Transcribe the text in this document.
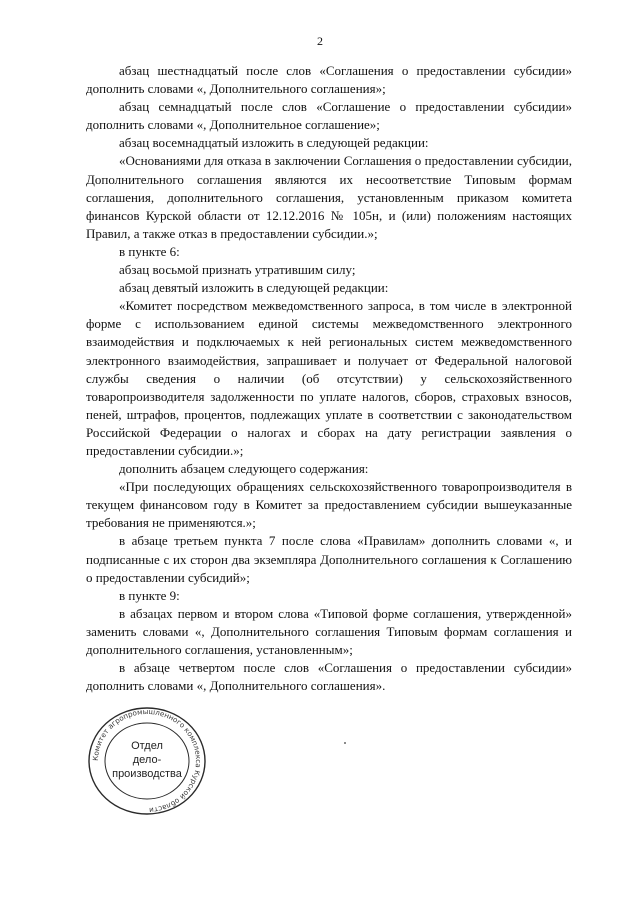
2

абзац шестнадцатый после слов «Соглашения о предоставлении субсидии» дополнить словами «, Дополнительного соглашения»;

абзац семнадцатый после слов «Соглашение о предоставлении субсидии» дополнить словами «, Дополнительное соглашение»;

абзац восемнадцатый изложить в следующей редакции:

«Основаниями для отказа в заключении Соглашения о предоставлении субсидии, Дополнительного соглашения являются их несоответствие Типовым формам соглашения, дополнительного соглашения, установленным приказом комитета финансов Курской области от 12.12.2016 № 105н, и (или) положениям настоящих Правил, а также отказ в предоставлении субсидии.»;

в пункте 6:

абзац восьмой признать утратившим силу;

абзац девятый изложить в следующей редакции:

«Комитет посредством межведомственного запроса, в том числе в электронной форме с использованием единой системы межведомственного электронного взаимодействия и подключаемых к ней региональных систем межведомственного электронного взаимодействия, запрашивает и получает от Федеральной налоговой службы сведения о наличии (об отсутствии) у сельскохозяйственного товаропроизводителя задолженности по уплате налогов, сборов, страховых взносов, пеней, штрафов, процентов, подлежащих уплате в соответствии с законодательством Российской Федерации о налогах и сборах на дату регистрации заявления о предоставлении субсидии.»;

дополнить абзацем следующего содержания:

«При последующих обращениях сельскохозяйственного товаропроизводителя в текущем финансовом году в Комитет за предоставлением субсидии вышеуказанные требования не применяются.»;

в абзаце третьем пункта 7 после слова «Правилам» дополнить словами «, и подписанные с их сторон два экземпляра Дополнительного соглашения к Соглашению о предоставлении субсидий»;

в пункте 9:

в абзацах первом и втором слова «Типовой форме соглашения, утвержденной» заменить словами «, Дополнительного соглашения Типовым формам соглашения и дополнительного соглашения, установленным»;

в абзаце четвертом после слов «Соглашения о предоставлении субсидии» дополнить словами «, Дополнительного соглашения».

Комитет агропромышленного комплекса Курской области
Отдел
дело-
производства
